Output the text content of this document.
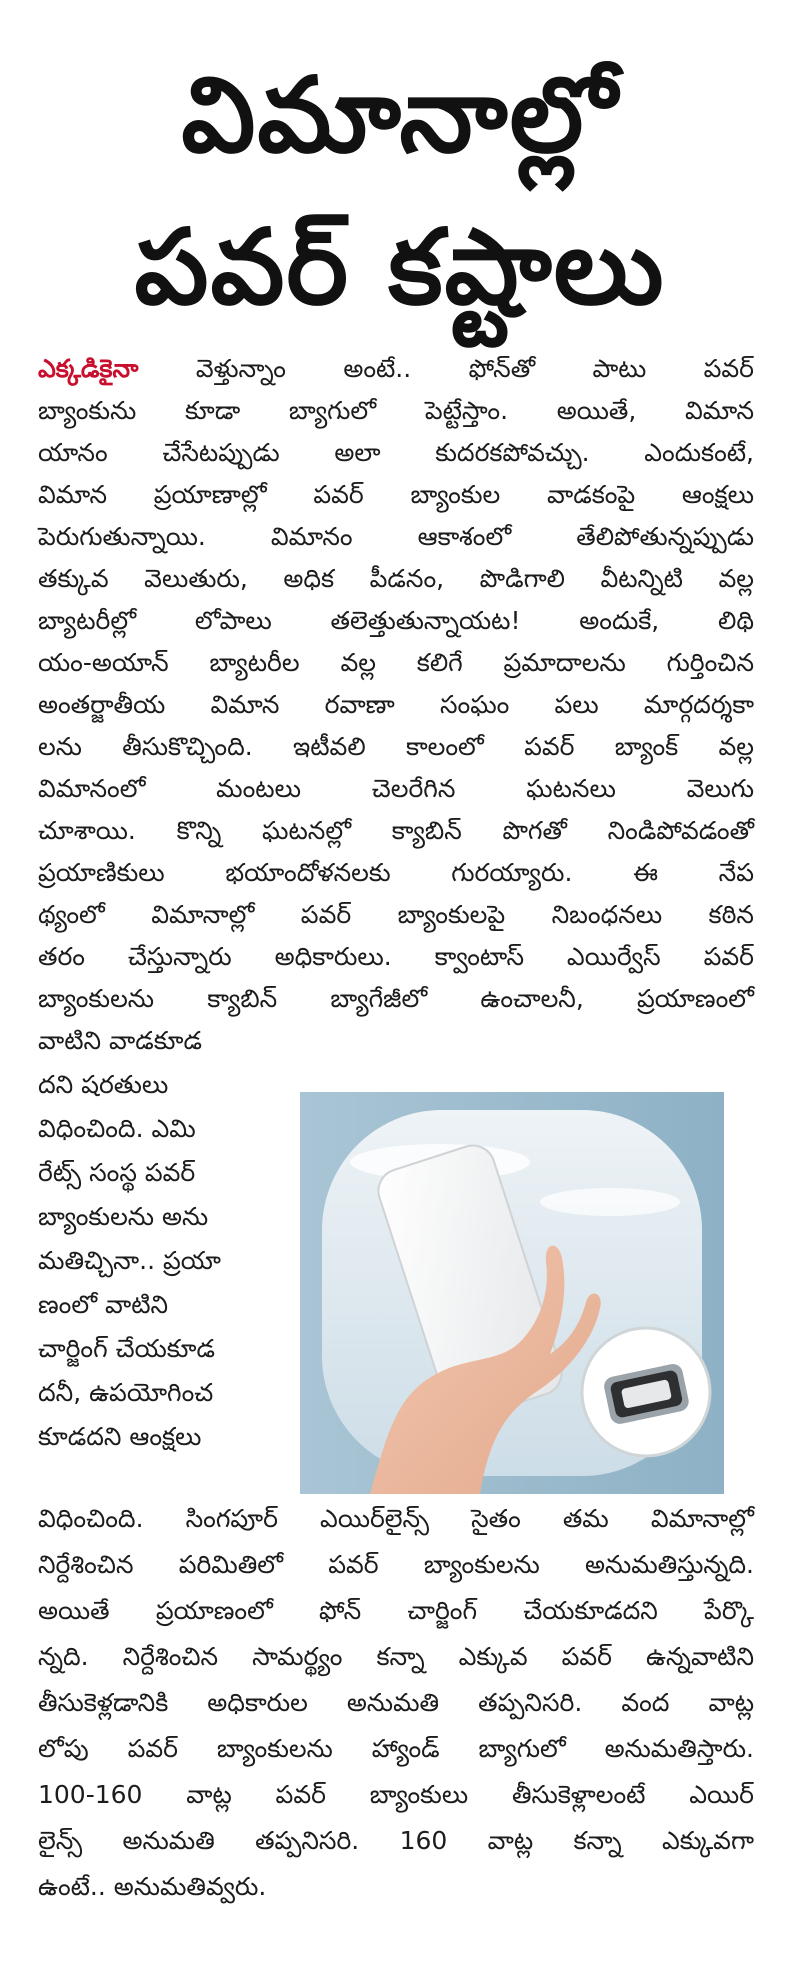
విమానాల్లో
పవర్ కష్టాలు
ఎక్కడికైనా వెళ్తున్నాం అంటే.. ఫోన్‌తో పాటు పవర్
బ్యాంకును కూడా బ్యాగులో పెట్టేస్తాం. అయితే, విమాన
యానం చేసేటప్పుడు అలా కుదరకపోవచ్చు. ఎందుకంటే,
విమాన ప్రయాణాల్లో పవర్ బ్యాంకుల వాడకంపై ఆంక్షలు
పెరుగుతున్నాయి. విమానం ఆకాశంలో తేలిపోతున్నప్పుడు
తక్కువ వెలుతురు, అధిక పీడనం, పొడిగాలి వీటన్నిటి వల్ల
బ్యాటరీల్లో లోపాలు తలెత్తుతున్నాయట! అందుకే, లిథి
యం-అయాన్ బ్యాటరీల వల్ల కలిగే ప్రమాదాలను గుర్తించిన
అంతర్జాతీయ విమాన రవాణా సంఘం పలు మార్గదర్శకా
లను తీసుకొచ్చింది. ఇటీవలి కాలంలో పవర్ బ్యాంక్ వల్ల
విమానంలో మంటలు చెలరేగిన ఘటనలు వెలుగు
చూశాయి. కొన్ని ఘటనల్లో క్యాబిన్ పొగతో నిండిపోవడంతో
ప్రయాణికులు భయాందోళనలకు గురయ్యారు. ఈ నేప
థ్యంలో విమానాల్లో పవర్ బ్యాంకులపై నిబంధనలు కఠిన
తరం చేస్తున్నారు అధికారులు. క్వాంటాస్ ఎయిర్వేస్ పవర్
బ్యాంకులను క్యాబిన్ బ్యాగేజీలో ఉంచాలనీ, ప్రయాణంలో
వాటిని వాడకూడ
దని షరతులు
విధించింది. ఎమి
రేట్స్ సంస్థ పవర్
బ్యాంకులను అను
మతిచ్చినా.. ప్రయా
ణంలో వాటిని
చార్జింగ్ చేయకూడ
దనీ, ఉపయోగించ
కూడదని ఆంక్షలు
విధించింది. సింగపూర్ ఎయిర్‌లైన్స్ సైతం తమ విమానాల్లో
నిర్దేశించిన పరిమితిలో పవర్ బ్యాంకులను అనుమతిస్తున్నది.
అయితే ప్రయాణంలో ఫోన్ చార్జింగ్ చేయకూడదని పేర్కొ
న్నది. నిర్దేశించిన సామర్థ్యం కన్నా ఎక్కువ పవర్ ఉన్నవాటిని
తీసుకెళ్లడానికి అధికారుల అనుమతి తప్పనిసరి. వంద వాట్ల
లోపు పవర్ బ్యాంకులను హ్యాండ్ బ్యాగులో అనుమతిస్తారు.
100-160 వాట్ల పవర్ బ్యాంకులు తీసుకెళ్లాలంటే ఎయిర్
లైన్స్ అనుమతి తప్పనిసరి. 160 వాట్ల కన్నా ఎక్కువగా
ఉంటే.. అనుమతివ్వరు.
